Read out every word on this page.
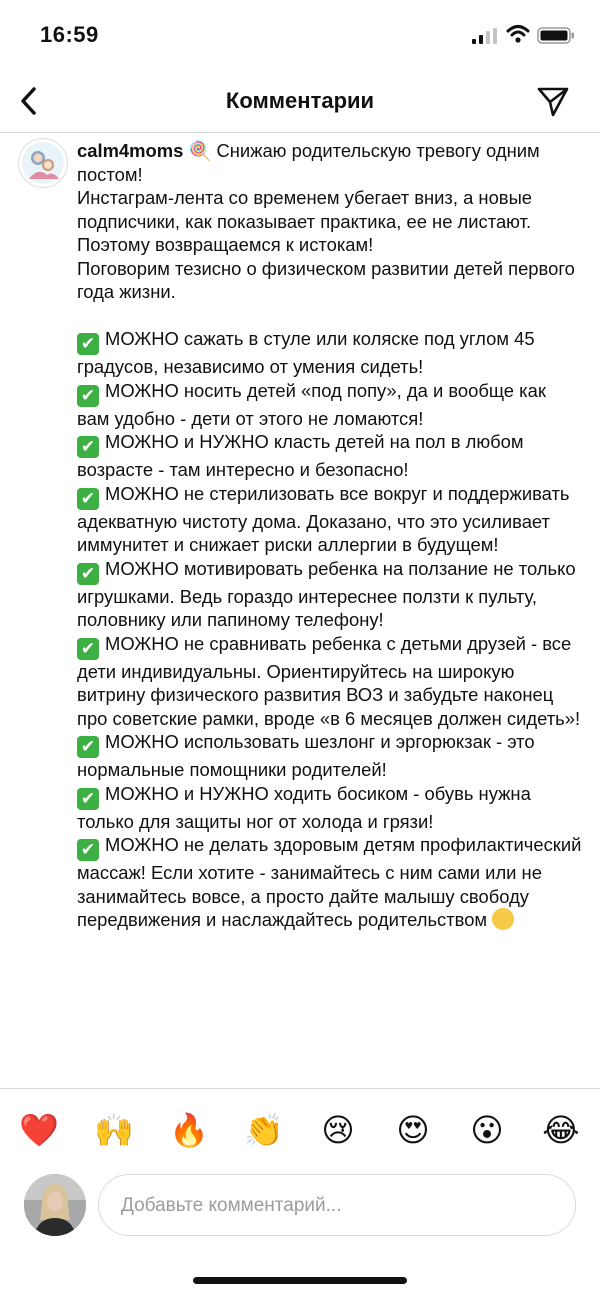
16:59
Комментарии

calm4moms 🍭 Снижаю родительскую тревогу одним постом!

Инстаграм-лента со временем убегает вниз, а новые подписчики, как показывает практика, ее не листают. Поэтому возвращаемся к истокам!

Поговорим тезисно о физическом развитии детей первого года жизни.

✔ МОЖНО сажать в стуле или коляске под углом 45 градусов, независимо от умения сидеть!

✔ МОЖНО носить детей «под попу», да и вообще как вам удобно - дети от этого не ломаются!

✔ МОЖНО и НУЖНО класть детей на пол в любом возрасте - там интересно и безопасно!

✔ МОЖНО не стерилизовать все вокруг и поддерживать адекватную чистоту дома. Доказано, что это усиливает иммунитет и снижает риски аллергии в будущем!

✔ МОЖНО мотивировать ребенка на ползание не только игрушками. Ведь гораздо интереснее ползти к пульту, половнику или папиному телефону!

✔ МОЖНО не сравнивать ребенка с детьми друзей - все дети индивидуальны. Ориентируйтесь на широкую витрину физического развития ВОЗ и забудьте наконец про советские рамки, вроде «в 6 месяцев должен сидеть»!

✔ МОЖНО использовать шезлонг и эргорюкзак - это нормальные помощники родителей!

✔ МОЖНО и НУЖНО ходить босиком - обувь нужна только для защиты ног от холода и грязи!

✔ МОЖНО не делать здоровым детям профилактический массаж! Если хотите - занимайтесь с ним сами или не занимайтесь вовсе, а просто дайте малышу свободу передвижения и наслаждайтесь родительством

❤️ 🙌 🔥 👏 😢 😍 😮 😂
Добавьте комментарий...
